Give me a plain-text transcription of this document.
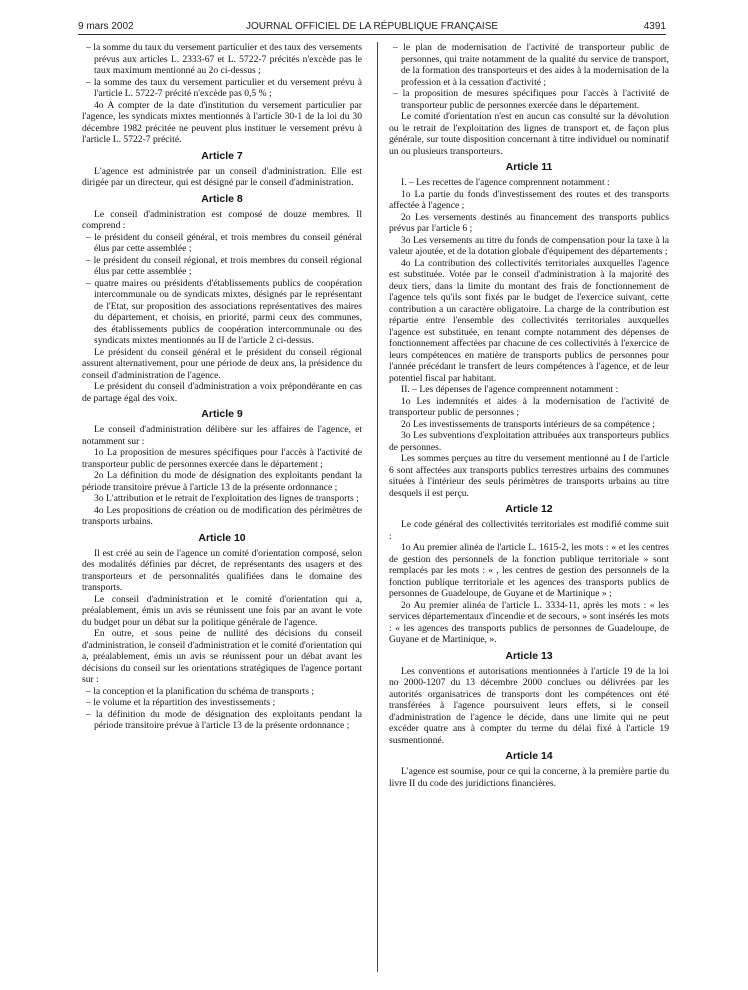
9 mars 2002	JOURNAL OFFICIEL DE LA RÉPUBLIQUE FRANÇAISE	4391

– la somme du taux du versement particulier et des taux des versements prévus aux articles L. 2333-67 et L. 5722-7 précités n'excède pas le taux maximum mentionné au 2o ci-dessus ;

– la somme des taux du versement particulier et du versement prévu à l'article L. 5722-7 précité n'excède pas 0,5 % ;

4o A compter de la date d'institution du versement particulier par l'agence, les syndicats mixtes mentionnés à l'article 30-1 de la loi du 30 décembre 1982 précitée ne peuvent plus instituer le versement prévu à l'article L. 5722-7 précité.

Article 7

L'agence est administrée par un conseil d'administration. Elle est dirigée par un directeur, qui est désigné par le conseil d'administration.

Article 8

Le conseil d'administration est composé de douze membres. Il comprend :

– le président du conseil général, et trois membres du conseil général élus par cette assemblée ;

– le président du conseil régional, et trois membres du conseil régional élus par cette assemblée ;

– quatre maires ou présidents d'établissements publics de coopération intercommunale ou de syndicats mixtes, désignés par le représentant de l'Etat, sur proposition des associations représentatives des maires du département, et choisis, en priorité, parmi ceux des communes, des établissements publics de coopération intercommunale ou des syndicats mixtes mentionnés au II de l'article 2 ci-dessus.

Le président du conseil général et le président du conseil régional assurent alternativement, pour une période de deux ans, la présidence du conseil d'administration de l'agence.

Le président du conseil d'administration a voix prépondérante en cas de partage égal des voix.

Article 9

Le conseil d'administration délibère sur les affaires de l'agence, et notamment sur :

1o La proposition de mesures spécifiques pour l'accès à l'activité de transporteur public de personnes exercée dans le département ;

2o La définition du mode de désignation des exploitants pendant la période transitoire prévue à l'article 13 de la présente ordonnance ;

3o L'attribution et le retrait de l'exploitation des lignes de transports ;

4o Les propositions de création ou de modification des périmètres de transports urbains.

Article 10

Il est créé au sein de l'agence un comité d'orientation composé, selon des modalités définies par décret, de représentants des usagers et des transporteurs et de personnalités qualifiées dans le domaine des transports.

Le conseil d'administration et le comité d'orientation qui a, préalablement, émis un avis se réunissent une fois par an avant le vote du budget pour un débat sur la politique générale de l'agence.

En outre, et sous peine de nullité des décisions du conseil d'administration, le conseil d'administration et le comité d'orientation qui a, préalablement, émis un avis se réunissent pour un débat avant les décisions du conseil sur les orientations stratégiques de l'agence portant sur :

– la conception et la planification du schéma de transports ;

– le volume et la répartition des investissements ;

– la définition du mode de désignation des exploitants pendant la période transitoire prévue à l'article 13 de la présente ordonnance ;

– le plan de modernisation de l'activité de transporteur public de personnes, qui traite notamment de la qualité du service de transport, de la formation des transporteurs et des aides à la modernisation de la profession et à la cessation d'activité ;

– la proposition de mesures spécifiques pour l'accès à l'activité de transporteur public de personnes exercée dans le département.

Le comité d'orientation n'est en aucun cas consulté sur la dévolution ou le retrait de l'exploitation des lignes de transport et, de façon plus générale, sur toute disposition concernant à titre individuel ou nominatif un ou plusieurs transporteurs.

Article 11

I. – Les recettes de l'agence comprennent notamment :

1o La partie du fonds d'investissement des routes et des transports affectée à l'agence ;

2o Les versements destinés au financement des transports publics prévus par l'article 6 ;

3o Les versements au titre du fonds de compensation pour la taxe à la valeur ajoutée, et de la dotation globale d'équipement des départements ;

4o La contribution des collectivités territoriales auxquelles l'agence est substituée. Votée par le conseil d'administration à la majorité des deux tiers, dans la limite du montant des frais de fonctionnement de l'agence tels qu'ils sont fixés par le budget de l'exercice suivant, cette contribution a un caractère obligatoire. La charge de la contribution est répartie entre l'ensemble des collectivités territoriales auxquelles l'agence est substituée, en tenant compte notamment des dépenses de fonctionnement affectées par chacune de ces collectivités à l'exercice de leurs compétences en matière de transports publics de personnes pour l'année précédant le transfert de leurs compétences à l'agence, et de leur potentiel fiscal par habitant.

II. – Les dépenses de l'agence comprennent notamment :

1o Les indemnités et aides à la modernisation de l'activité de transporteur public de personnes ;

2o Les investissements de transports intérieurs de sa compétence ;

3o Les subventions d'exploitation attribuées aux transporteurs publics de personnes.

Les sommes perçues au titre du versement mentionné au I de l'article 6 sont affectées aux transports publics terrestres urbains des communes situées à l'intérieur des seuls périmètres de transports urbains au titre desquels il est perçu.

Article 12

Le code général des collectivités territoriales est modifié comme suit :

1o Au premier alinéa de l'article L. 1615-2, les mots : « et les centres de gestion des personnels de la fonction publique territoriale » sont remplacés par les mots : « , les centres de gestion des personnels de la fonction publique territoriale et les agences des transports publics de personnes de Guadeloupe, de Guyane et de Martinique » ;

2o Au premier alinéa de l'article L. 3334-11, après les mots : « les services départementaux d'incendie et de secours, » sont insérés les mots : « les agences des transports publics de personnes de Guadeloupe, de Guyane et de Martinique, ».

Article 13

Les conventions et autorisations mentionnées à l'article 19 de la loi no 2000-1207 du 13 décembre 2000 conclues ou délivrées par les autorités organisatrices de transports dont les compétences ont été transférées à l'agence poursuivent leurs effets, si le conseil d'administration de l'agence le décide, dans une limite qui ne peut excéder quatre ans à compter du terme du délai fixé à l'article 19 susmentionné.

Article 14

L'agence est soumise, pour ce qui la concerne, à la première partie du livre II du code des juridictions financières.
